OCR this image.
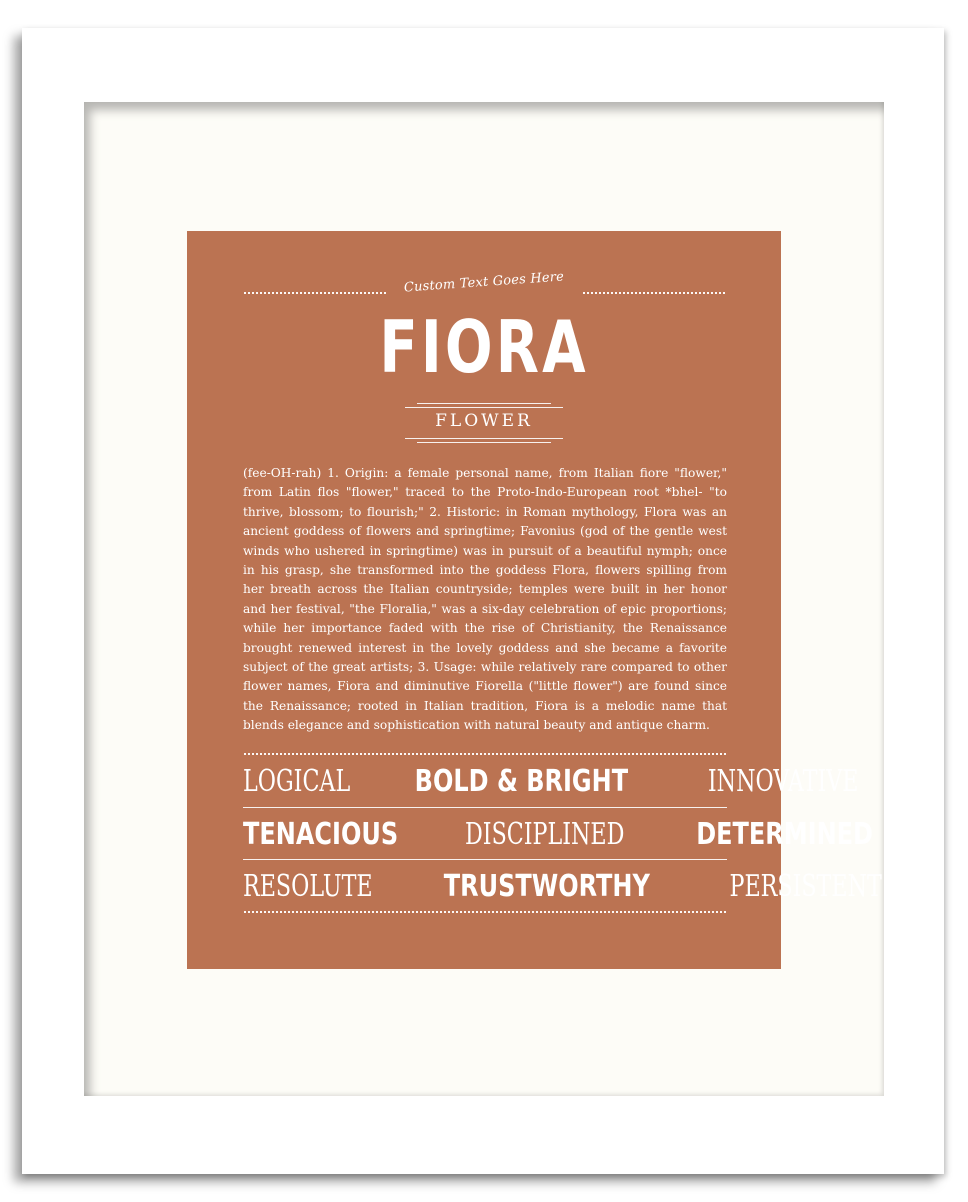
Custom Text Goes Here
FIORA
FLOWER

(fee-OH-rah) 1. Origin: a female personal name, from Italian fiore "flower," from Latin flos "flower," traced to the Proto-Indo-European root *bhel- "to thrive, blossom; to flourish;" 2. Historic: in Roman mythology, Flora was an ancient goddess of flowers and springtime; Favonius (god of the gentle west winds who ushered in springtime) was in pursuit of a beautiful nymph; once in his grasp, she transformed into the goddess Flora, flowers spilling from her breath across the Italian countryside; temples were built in her honor and her festival, "the Floralia," was a six-day celebration of epic proportions; while her importance faded with the rise of Christianity, the Renaissance brought renewed interest in the lovely goddess and she became a favorite subject of the great artists; 3. Usage: while relatively rare compared to other flower names, Fiora and diminutive Fiorella ("little flower") are found since the Renaissance; rooted in Italian tradition, Fiora is a melodic name that blends elegance and sophistication with natural beauty and antique charm.

LOGICAL BOLD & BRIGHT	INNOVATIVE
TENACIOUS DISCIPLINED DETERMINED
RESOLUTE TRUSTWORTHY	PERSISTENT
